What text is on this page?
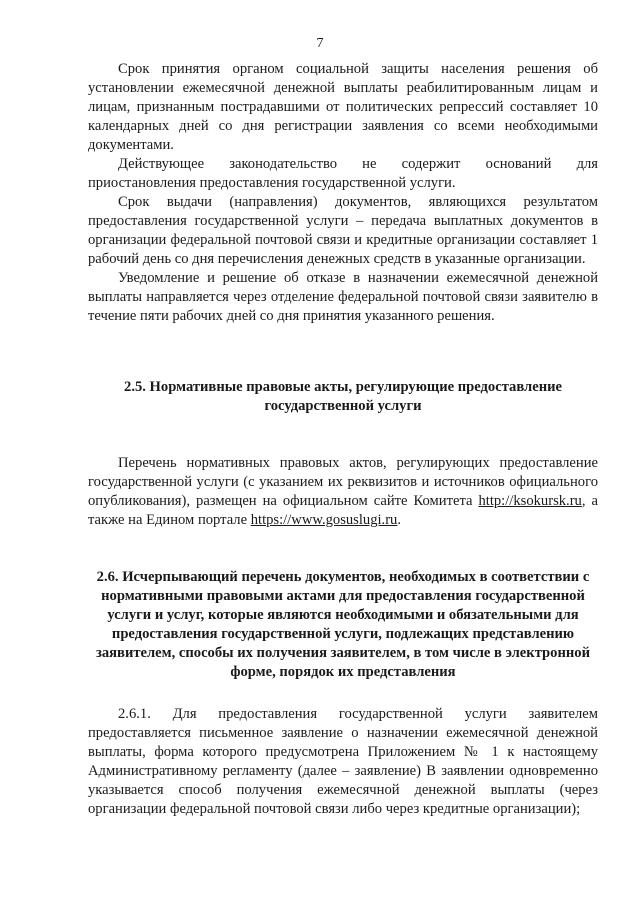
7

Срок принятия органом социальной защиты населения решения об установлении ежемесячной денежной выплаты реабилитированным лицам и лицам, признанным пострадавшими от политических репрессий составляет 10 календарных дней со дня регистрации заявления со всеми необходимыми документами.

Действующее законодательство не содержит оснований для приостановления предоставления государственной услуги.

Срок выдачи (направления) документов, являющихся результатом предоставления государственной услуги – передача выплатных документов в организации федеральной почтовой связи и кредитные организации составляет 1 рабочий день со дня перечисления денежных средств в указанные организации.

Уведомление и решение об отказе в назначении ежемесячной денежной выплаты направляется через отделение федеральной почтовой связи заявителю в течение пяти рабочих дней со дня принятия указанного решения.

2.5. Нормативные правовые акты, регулирующие предоставление государственной услуги

Перечень нормативных правовых актов, регулирующих предоставление государственной услуги (с указанием их реквизитов и источников официального опубликования), размещен на официальном сайте Комитета http://ksokursk.ru, а также на Едином портале https://www.gosuslugi.ru.

2.6. Исчерпывающий перечень документов, необходимых в соответствии с нормативными правовыми актами для предоставления государственной услуги и услуг, которые являются необходимыми и обязательными для предоставления государственной услуги, подлежащих представлению заявителем, способы их получения заявителем, в том числе в электронной форме, порядок их представления

2.6.1. Для предоставления государственной услуги заявителем предоставляется письменное заявление о назначении ежемесячной денежной выплаты, форма которого предусмотрена Приложением № 1 к настоящему Административному регламенту (далее – заявление) В заявлении одновременно указывается способ получения ежемесячной денежной выплаты (через организации федеральной почтовой связи либо через кредитные организации);
